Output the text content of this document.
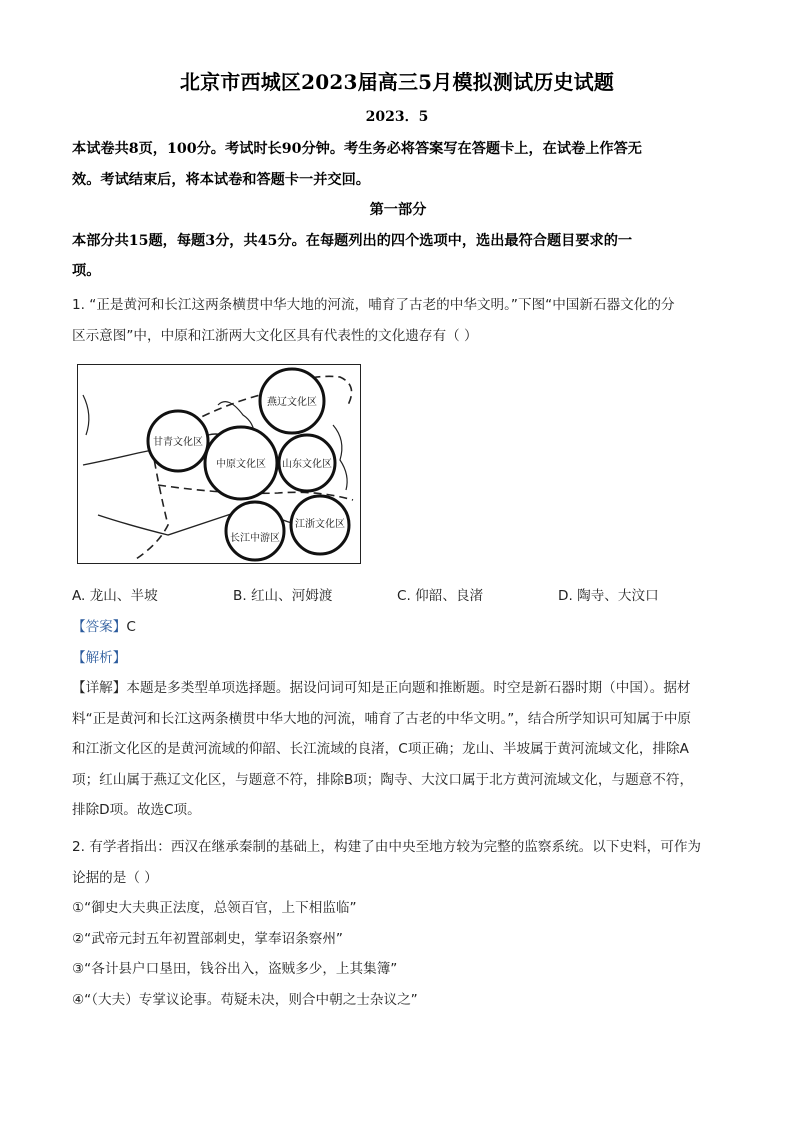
北京市西城区2023届高三5月模拟测试历史试题
2023．5
本试卷共8页，100分。考试时长90分钟。考生务必将答案写在答题卡上，在试卷上作答无
效。考试结束后，将本试卷和答题卡一并交回。
第一部分
本部分共15题，每题3分，共45分。在每题列出的四个选项中，选出最符合题目要求的一
项。
1. “正是黄河和长江这两条横贯中华大地的河流，哺育了古老的中华文明。”下图“中国新石器文化的分
区示意图”中，中原和江浙两大文化区具有代表性的文化遗存有（ ）
燕辽文化区
甘青文化区
中原文化区 山东文化区
长江中游区
江浙文化区
A. 龙山、半坡	B. 红山、河姆渡	C. 仰韶、良渚	D. 陶寺、大汶口
【答案】C
【解析】
【详解】本题是多类型单项选择题。据设问词可知是正向题和推断题。时空是新石器时期（中国）。据材
料“正是黄河和长江这两条横贯中华大地的河流，哺育了古老的中华文明。”，结合所学知识可知属于中原
和江浙文化区的是黄河流域的仰韶、长江流域的良渚，C项正确；龙山、半坡属于黄河流域文化，排除A
项；红山属于燕辽文化区，与题意不符，排除B项；陶寺、大汶口属于北方黄河流域文化，与题意不符，
排除D项。故选C项。
2. 有学者指出：西汉在继承秦制的基础上，构建了由中央至地方较为完整的监察系统。以下史料，可作为
论据的是（ ）
①“御史大夫典正法度，总领百官，上下相监临”
②“武帝元封五年初置部刺史，掌奉诏条察州”
③“各计县户口垦田，钱谷出入，盗贼多少，上其集簿”
④“（大夫）专掌议论事。苟疑未决，则合中朝之士杂议之”
